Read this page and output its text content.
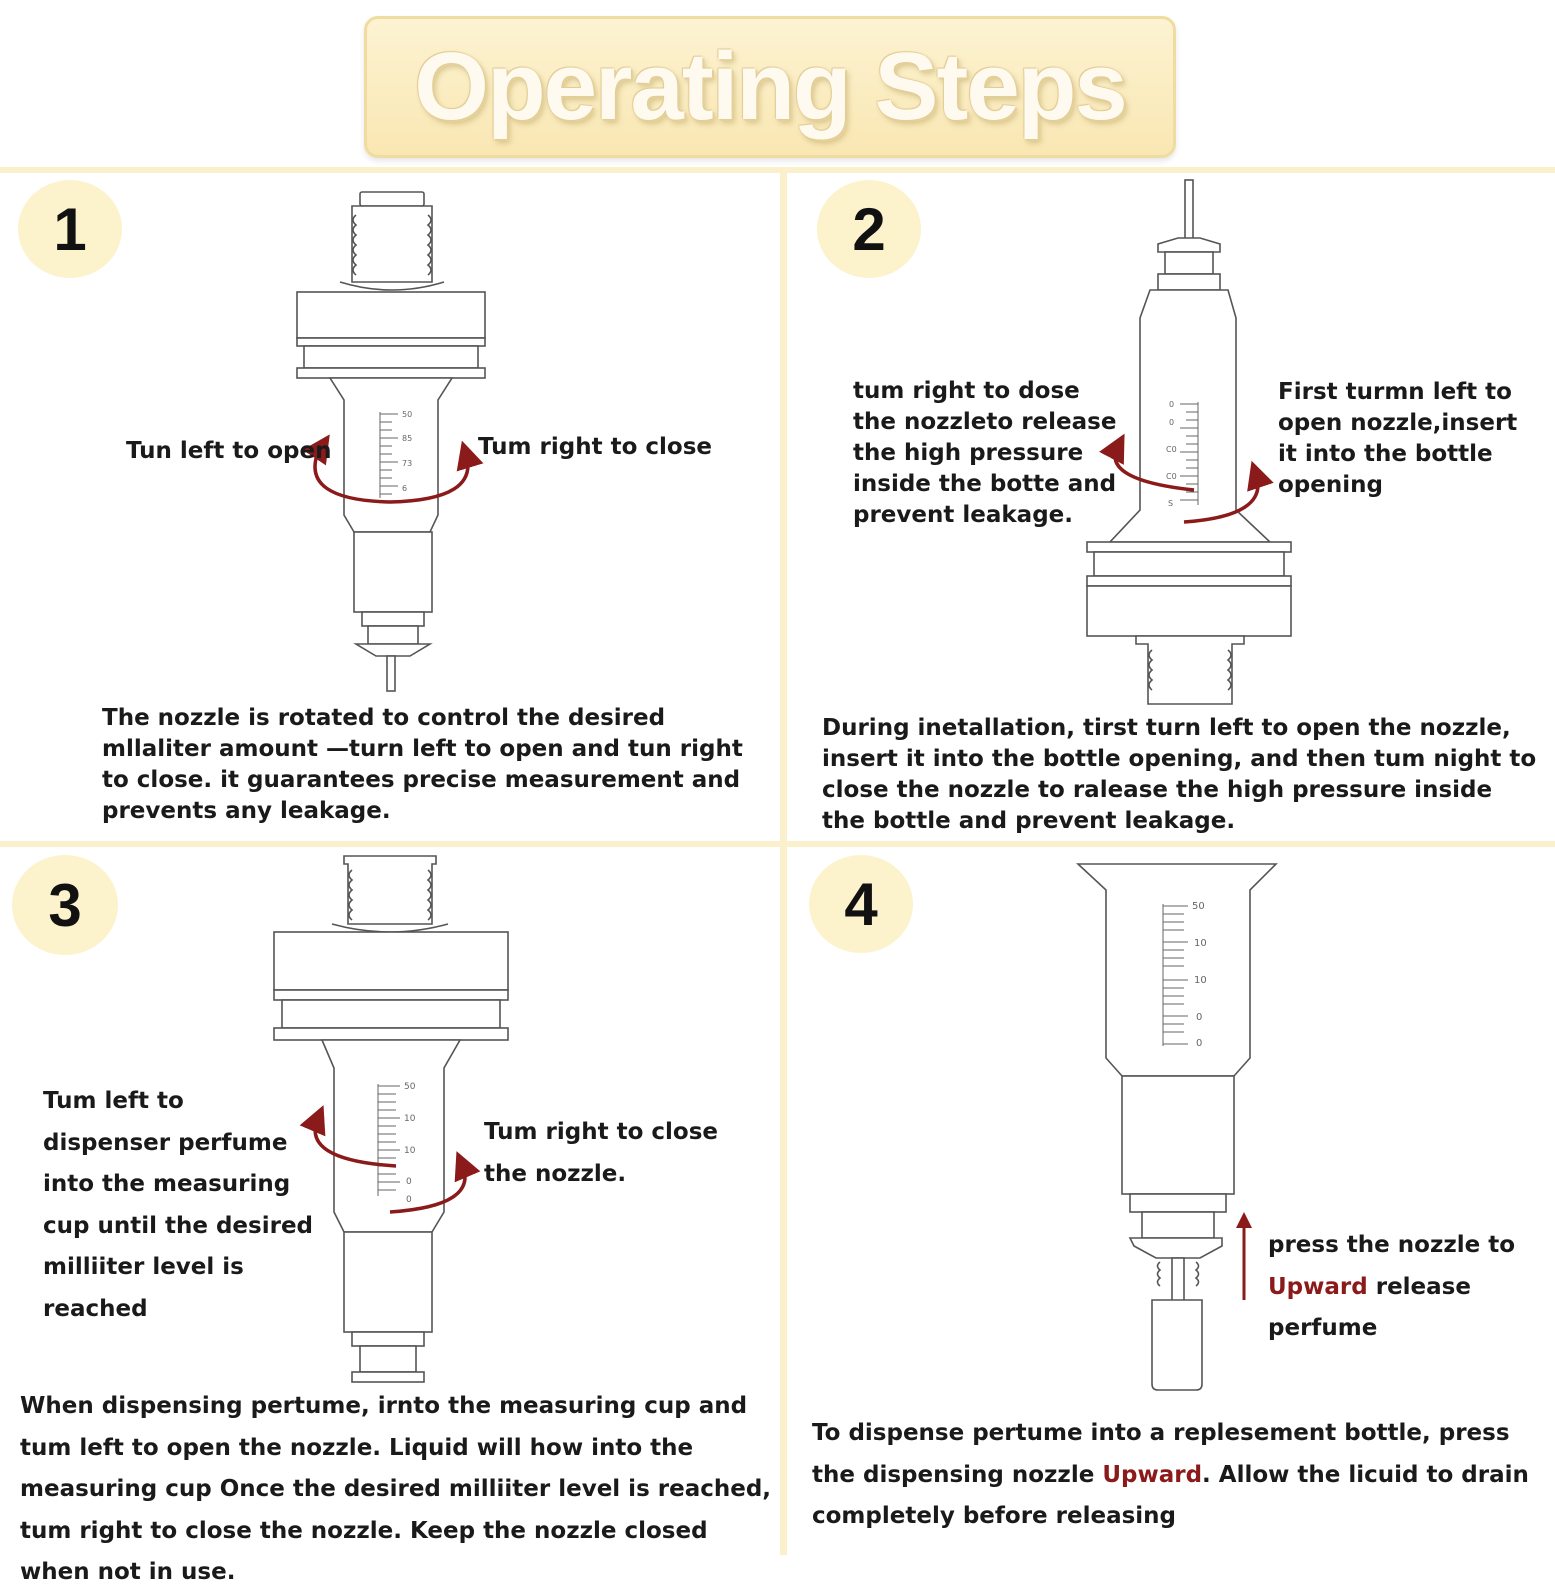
Operating Steps
1	2
3	4
50
85
73
6
0
0
C0
C0
S
50
10
10
0
0
50
10
10
0
0
Tun left to open	Tum right to close
The nozzle is rotated to control the desired mllaliter amount —turn left to open and tun right to close. it guarantees precise measurement and prevents any leakage.
tum right to dose the nozzleto release the high pressure inside the botte and prevent leakage.
First turmn left to open nozzle,insert it into the bottle opening
During inetallation, tirst turn left to open the nozzle, insert it into the bottle opening, and then tum night to close the nozzle to ralease the high pressure inside the bottle and prevent leakage.
Tum left to dispenser perfume into the measuring cup until the desired milliiter level is reached
Tum right to close the nozzle.
When dispensing pertume, irnto the measuring cup and tum left to open the nozzle. Liquid will how into the measuring cup Once the desired milliiter level is reached, tum right to close the nozzle. Keep the nozzle closed when not in use.
press the nozzle to
Upward release
perfume
To dispense pertume into a replesement bottle, press the dispensing nozzle Upward. Allow the licuid to drain completely before releasing
